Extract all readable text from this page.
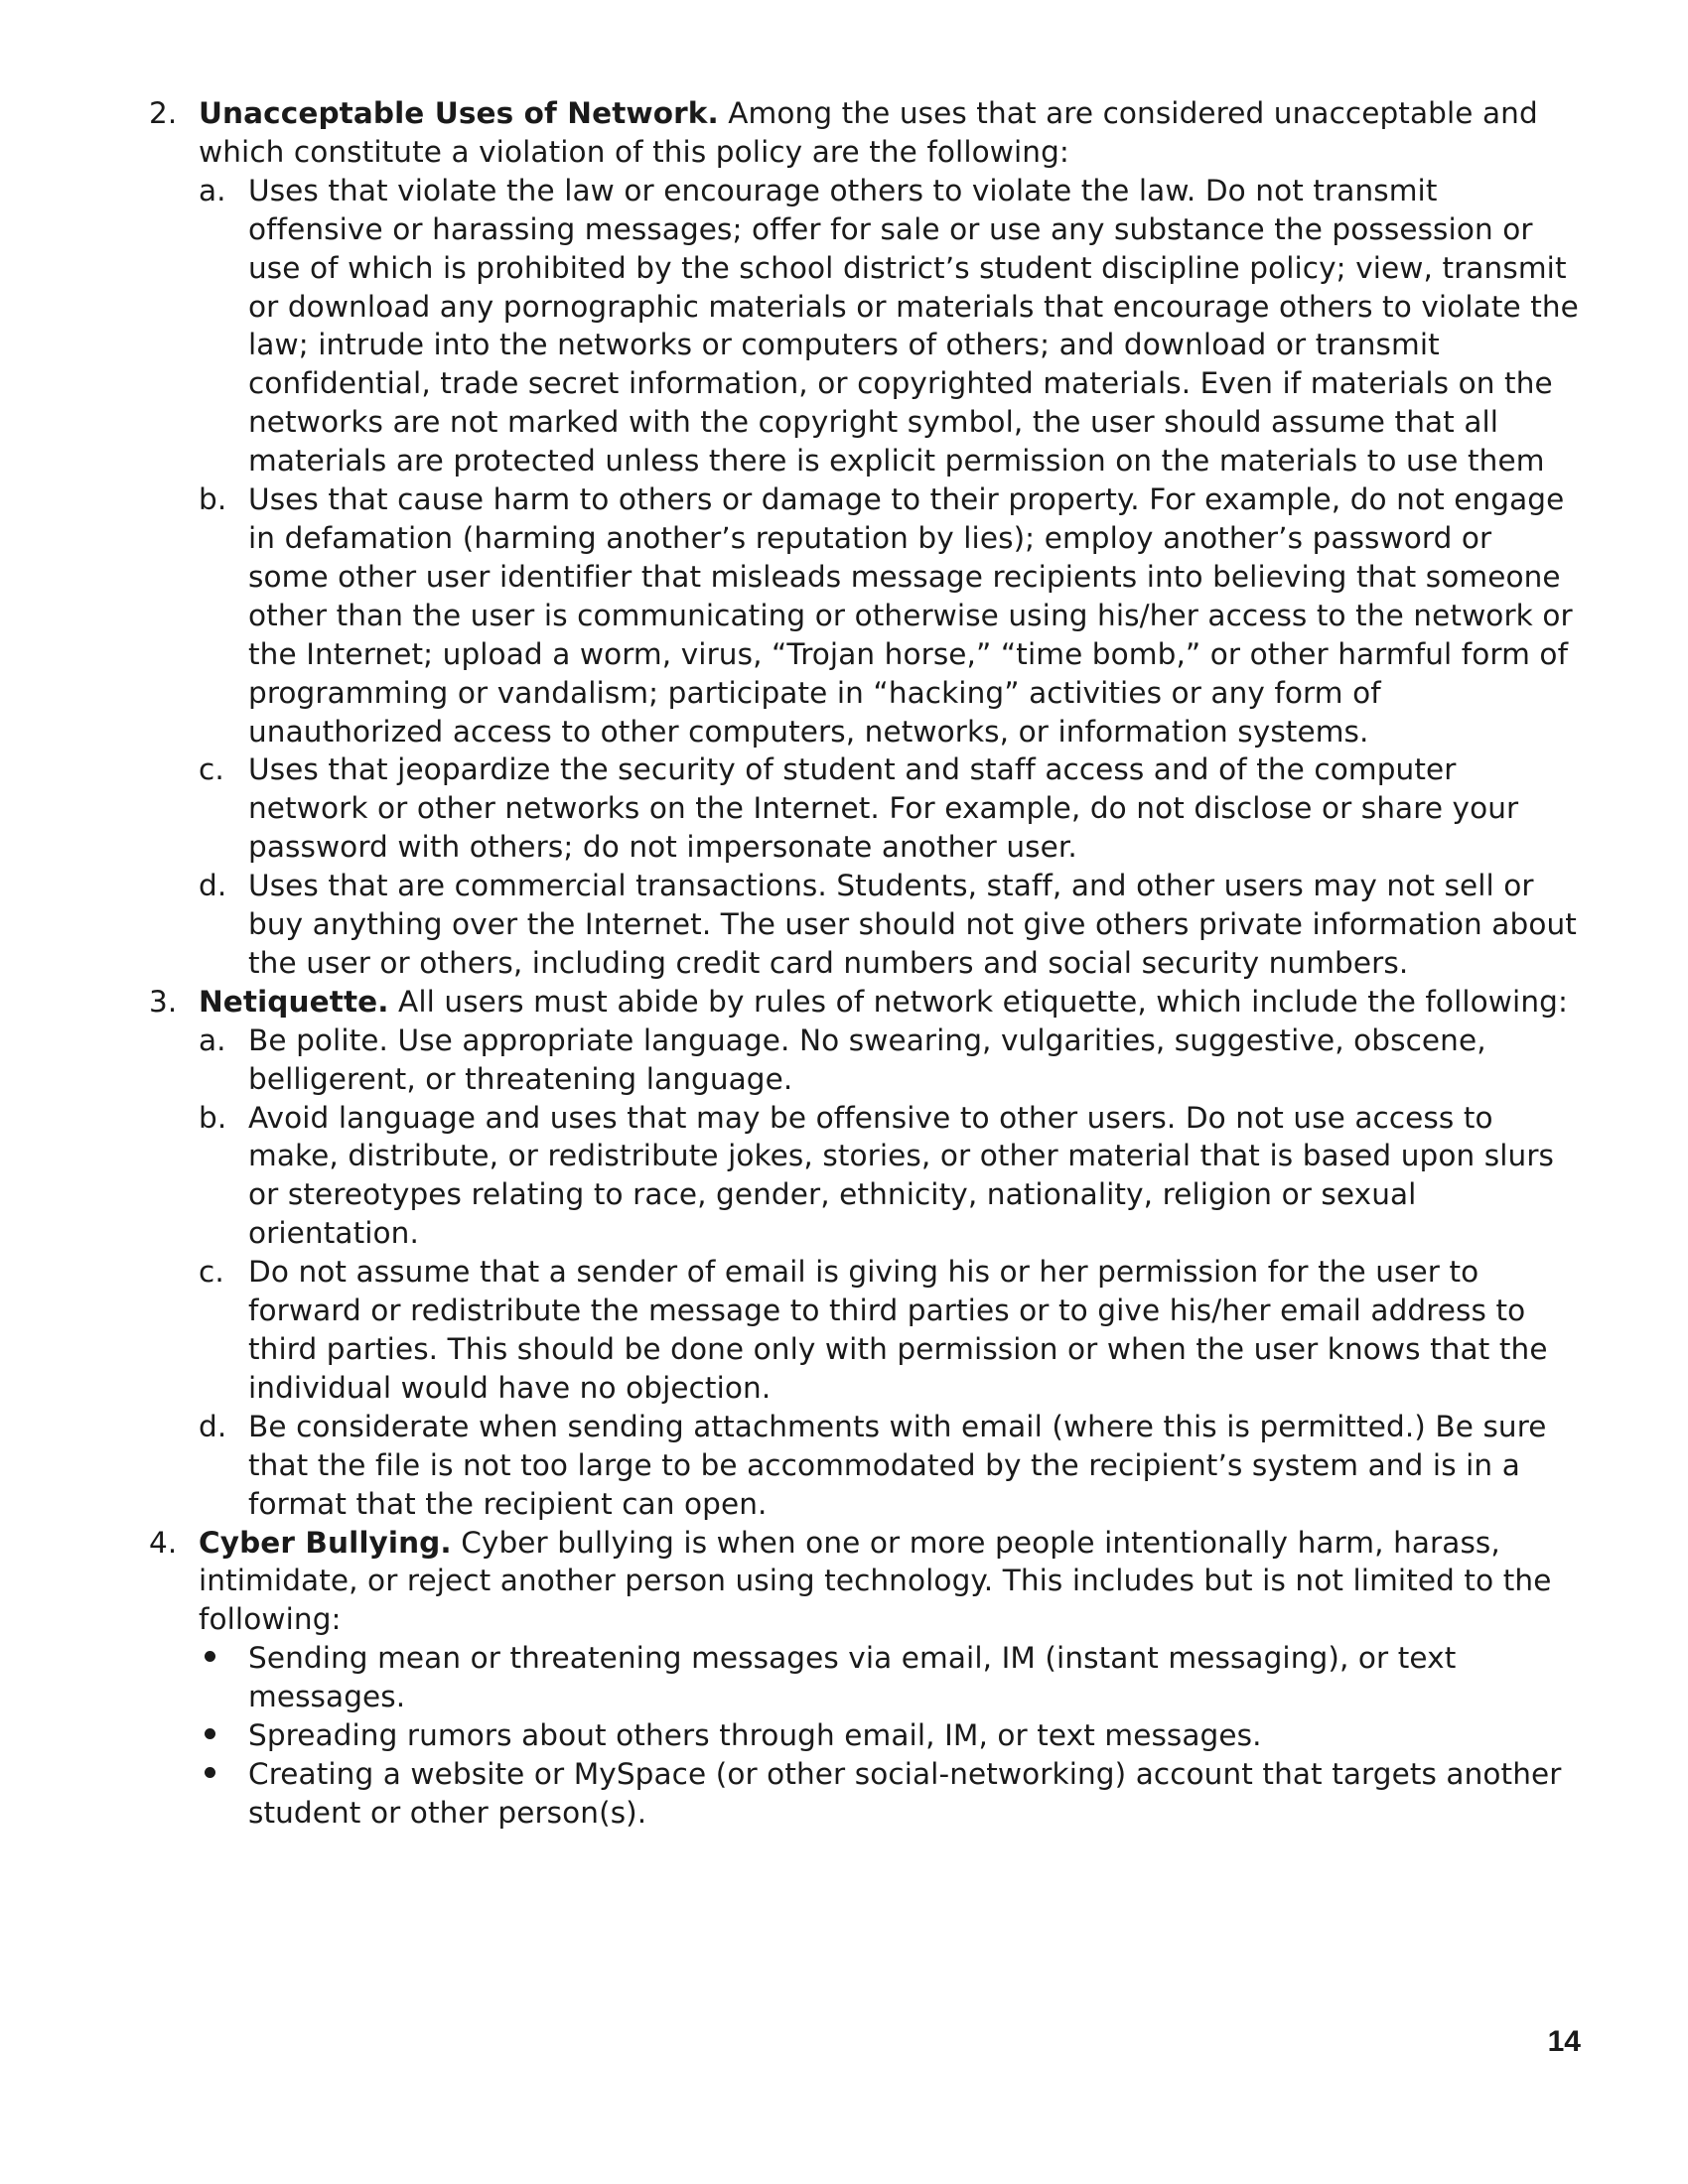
2. Unacceptable Uses of Network. Among the uses that are considered unacceptable and which constitute a violation of this policy are the following:
a. Uses that violate the law or encourage others to violate the law. Do not transmit offensive or harassing messages; offer for sale or use any substance the possession or use of which is prohibited by the school district’s student discipline policy; view, transmit or download any pornographic materials or materials that encourage others to violate the law; intrude into the networks or computers of others; and download or transmit confidential, trade secret information, or copyrighted materials. Even if materials on the networks are not marked with the copyright symbol, the user should assume that all materials are protected unless there is explicit permission on the materials to use them
b. Uses that cause harm to others or damage to their property. For example, do not engage in defamation (harming another’s reputation by lies); employ another’s password or some other user identifier that misleads message recipients into believing that someone other than the user is communicating or otherwise using his/her access to the network or the Internet; upload a worm, virus, “Trojan horse,” “time bomb,” or other harmful form of programming or vandalism; participate in “hacking” activities or any form of unauthorized access to other computers, networks, or information systems.
c. Uses that jeopardize the security of student and staff access and of the computer network or other networks on the Internet. For example, do not disclose or share your password with others; do not impersonate another user.
d. Uses that are commercial transactions. Students, staff, and other users may not sell or buy anything over the Internet. The user should not give others private information about the user or others, including credit card numbers and social security numbers.
3. Netiquette. All users must abide by rules of network etiquette, which include the following:
a. Be polite. Use appropriate language. No swearing, vulgarities, suggestive, obscene, belligerent, or threatening language.
b. Avoid language and uses that may be offensive to other users. Do not use access to make, distribute, or redistribute jokes, stories, or other material that is based upon slurs or stereotypes relating to race, gender, ethnicity, nationality, religion or sexual orientation.
c. Do not assume that a sender of email is giving his or her permission for the user to forward or redistribute the message to third parties or to give his/her email address to third parties. This should be done only with permission or when the user knows that the individual would have no objection.
d. Be considerate when sending attachments with email (where this is permitted.) Be sure that the file is not too large to be accommodated by the recipient’s system and is in a format that the recipient can open.
4. Cyber Bullying. Cyber bullying is when one or more people intentionally harm, harass, intimidate, or reject another person using technology. This includes but is not limited to the following:
Sending mean or threatening messages via email, IM (instant messaging), or text messages.
Spreading rumors about others through email, IM, or text messages.
Creating a website or MySpace (or other social-networking) account that targets another student or other person(s).
14
